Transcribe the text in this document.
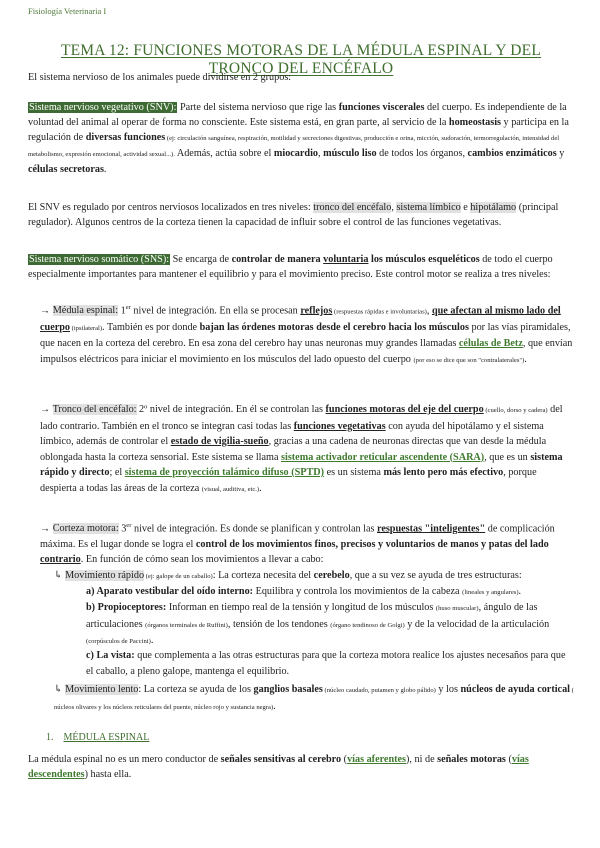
Fisiología Veterinaria I
TEMA 12: FUNCIONES MOTORAS DE LA MÉDULA ESPINAL Y DEL TRONCO DEL ENCÉFALO

El sistema nervioso de los animales puede dividirse en 2 grupos:

Sistema nervioso vegetativo (SNV): Parte del sistema nervioso que rige las funciones viscerales del cuerpo. Es independiente de la voluntad del animal al operar de forma no consciente. Este sistema está, en gran parte, al servicio de la homeostasis y participa en la regulación de diversas funciones (ej: circulación sanguínea, respiración, motilidad y secreciones digestivas, producción e orina, micción, sudoración, termorregulación, intensidad del metabolismo, expresión emocional, actividad sexual...). Además, actúa sobre el miocardio, músculo liso de todos los órganos, cambios enzimáticos y células secretoras.

El SNV es regulado por centros nerviosos localizados en tres niveles: tronco del encéfalo, sistema límbico e hipotálamo (principal regulador). Algunos centros de la corteza tienen la capacidad de influir sobre el control de las funciones vegetativas.

Sistema nervioso somático (SNS): Se encarga de controlar de manera voluntaria los músculos esqueléticos de todo el cuerpo especialmente importantes para mantener el equilibrio y para el movimiento preciso. Este control motor se realiza a tres niveles:

→ Médula espinal: 1er nivel de integración. En ella se procesan reflejos (respuestas rápidas e involuntarias), que afectan al mismo lado del cuerpo (ipsilateral). También es por donde bajan las órdenes motoras desde el cerebro hacia los músculos por las vías piramidales, que nacen en la corteza del cerebro. En esa zona del cerebro hay unas neuronas muy grandes llamadas células de Betz, que envían impulsos eléctricos para iniciar el movimiento en los músculos del lado opuesto del cuerpo (por eso se dice que son "contralaterales").

→ Tronco del encéfalo: 2º nivel de integración. En él se controlan las funciones motoras del eje del cuerpo (cuello, dorso y cadera) del lado contrario. También en el tronco se integran casi todas las funciones vegetativas con ayuda del hipotálamo y el sistema límbico, además de controlar el estado de vigilia-sueño, gracias a una cadena de neuronas directas que van desde la médula oblongada hasta la corteza sensorial. Este sistema se llama sistema activador reticular ascendente (SARA), que es un sistema rápido y directo; el sistema de proyección talámico difuso (SPTD) es un sistema más lento pero más efectivo, porque despierta a todas las áreas de la corteza (visual, auditiva, etc.).

→ Corteza motora: 3er nivel de integración. Es donde se planifican y controlan las respuestas "inteligentes" de complicación máxima. Es el lugar donde se logra el control de los movimientos finos, precisos y voluntarios de manos y patas del lado contrario. En función de cómo sean los movimientos a llevar a cabo:

↳ Movimiento rápido (ej: galope de un caballo): La corteza necesita del cerebelo, que a su vez se ayuda de tres estructuras:

a) Aparato vestibular del oído interno: Equilibra y controla los movimientos de la cabeza (lineales y angulares).

b) Propioceptores: Informan en tiempo real de la tensión y longitud de los músculos (huso muscular), ángulo de las articulaciones (órganos terminales de Ruffini), tensión de los tendones (órgano tendinoso de Golgi) y de la velocidad de la articulación (corpúsculos de Paccini).

c) La vista: que complementa a las otras estructuras para que la corteza motora realice los ajustes necesaños para que el caballo, a pleno galope, mantenga el equilibrio.

↳ Movimiento lento: La corteza se ayuda de los ganglios basales (núcleo caudado, putamen y globo pálido) y los núcleos de ayuda cortical ( núcleos olivares y los núcleos reticulares del puente, núcleo rojo y sustancia negra).

1. MÉDULA ESPINAL

La médula espinal no es un mero conductor de señales sensitivas al cerebro (vías aferentes), ni de señales motoras (vías descendentes) hasta ella.
